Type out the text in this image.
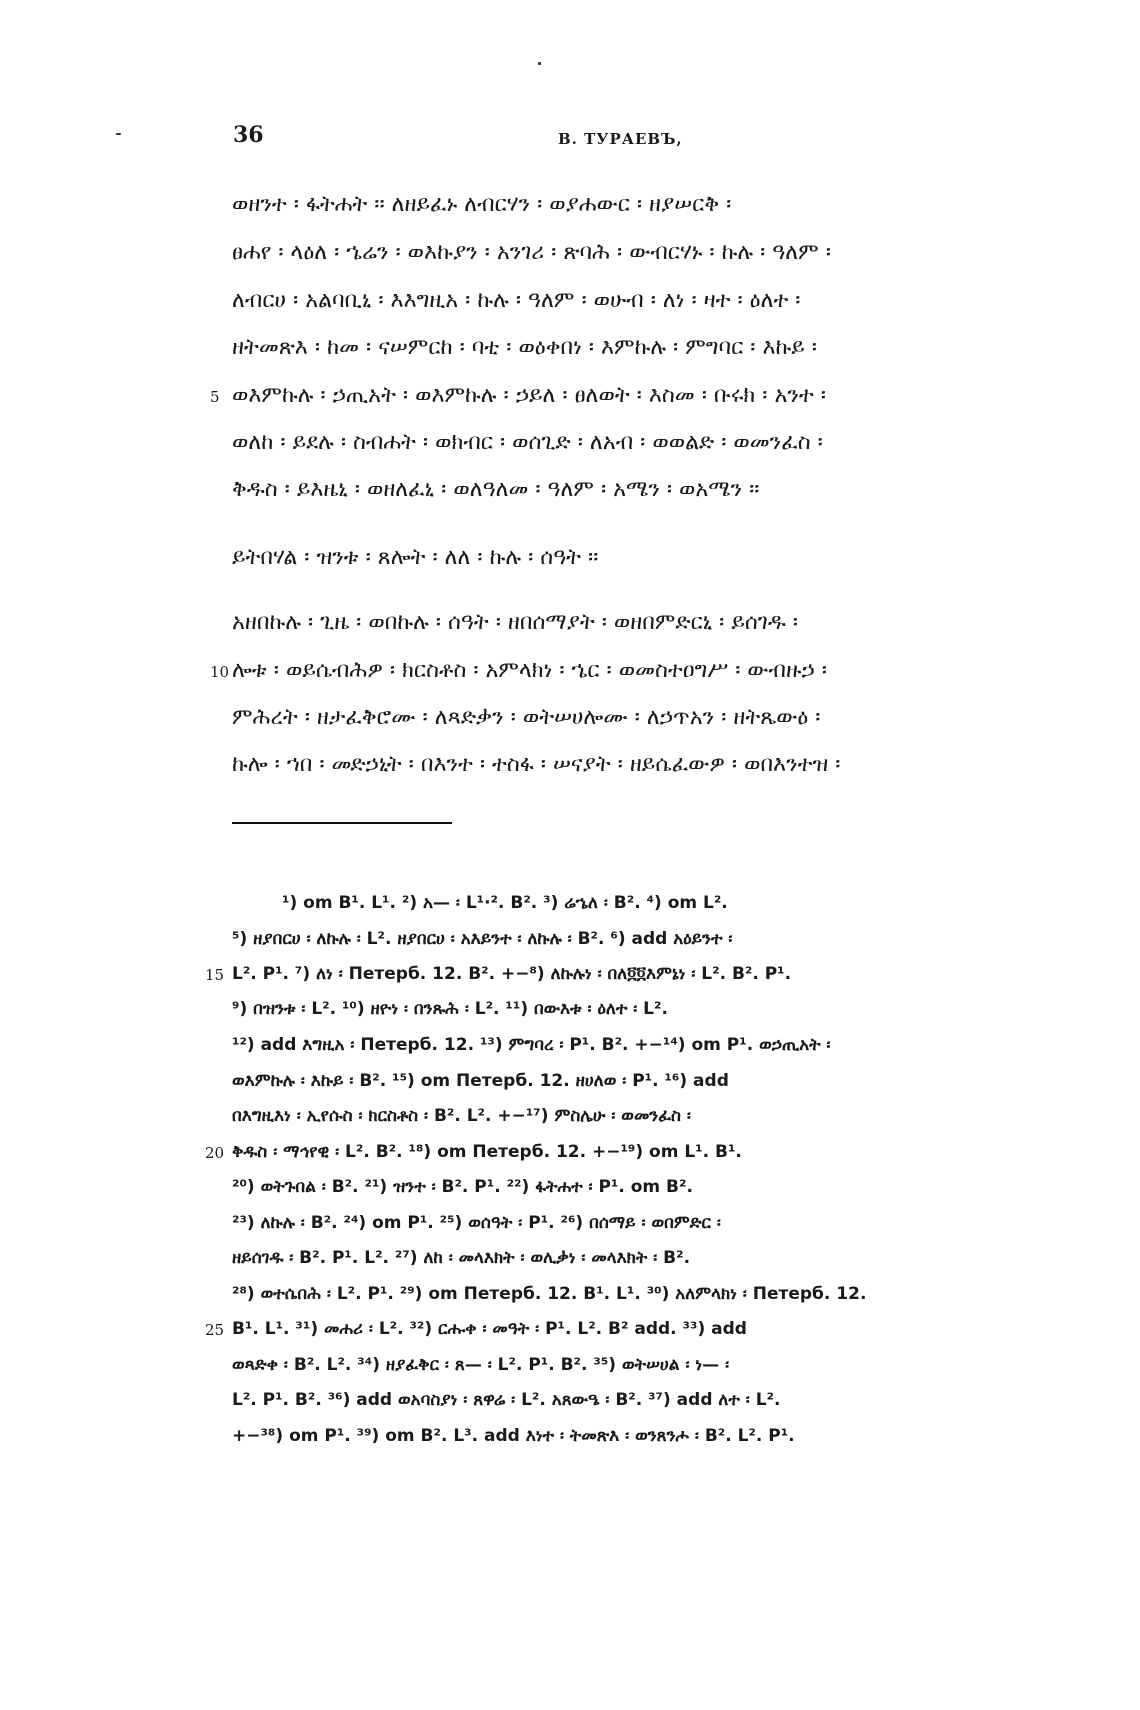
36	В. ТУРАЕВЪ,
ወዘንተ ፡ ፋትሐት ፡፡ ለዘይፈኑ ለብርሃን ፡ ወያሐውር ፡ ዘያሠርቅ ፡
ፀሐየ ፡ ላዕለ ፡ ኄሬን ፡ ወእኩያን ፡ አንገሪ ፡ ጽባሕ ፡ ውብርሃኑ ፡ ኩሉ ፡ ዓለም ፡
ለብርሀ ፡ አልባቢኒ ፡ እእግዚአ ፡ ኩሉ ፡ ዓለም ፡ ወሁብ ፡ ለነ ፡ ዛተ ፡ ዕለተ ፡
ዘትመጽእ ፡ ከመ ፡ ናሠምርከ ፡ ባቲ ፡ ወዕቀበነ ፡ እምኩሉ ፡ ምግባር ፡ እኩይ ፡
5 ወእምኩሉ ፡ ኃጢአት ፡ ወእምኩሉ ፡ ኃይለ ፡ ፀለወት ፡ እስመ ፡ ቡሩክ ፡ አንተ ፡
ወለከ ፡ ይደሉ ፡ ስብሐት ፡ ወክብር ፡ ወሰጊድ ፡ ለአብ ፡ ወወልድ ፡ ወመንፈስ ፡
ቅዱስ ፡ ይእዜኒ ፡ ወዘለፈኒ ፡ ወለዓለመ ፡ ዓለም ፡ አሜን ፡ ወአሜን ፡፡
ይትበሃል ፡ ዝንቱ ፡ ጸሎት ፡ ለለ ፡ ኩሉ ፡ ሰዓት ፡፡
አዘበኩሉ ፡ ጊዜ ፡ ወበኩሉ ፡ ሰዓት ፡ ዘበሰማያት ፡ ወዘበምድርኒ ፡ ይሰገዱ ፡
10 ሎቱ ፡ ወይሴብሕዎ ፡ ክርስቶስ ፡ አምላክነ ፡ ኄር ፡ ወመስተዐግሥ ፡ ውብዙኃ ፡
ምሕረት ፡ ዘታፈቅሮሙ ፡ ለጻድቃን ፡ ወትሠሀሎሙ ፡ ለኃጥአን ፡ ዘትጼውዕ ፡
ኩሎ ፡ ኀበ ፡ መድኃኒት ፡ በእንተ ፡ ተስፋ ፡ ሠናያት ፡ ዘይሴፈውዎ ፡ ወበእንተዝ ፡
¹) om B¹. L¹. ²) አ— ፡ L¹·². B². ³) ሬኄለ ፡ B². ⁴) om L².
⁵) ዘያበርሀ ፡ ለኩሉ ፡ L². ዘያበርሀ ፡ አእይንተ ፡ ለኩሉ ፡ B². ⁶) add አዕይንተ ፡
15 L². P¹. ⁷) ለነ ፡ Петерб. 12. B². +−⁸) ለኩሉነ ፡ በለ፬፬እምኔነ ፡ L². B². P¹.
⁹) በዝንቱ ፡ L². ¹⁰) ዘዮነ ፡ በንጹሕ ፡ L². ¹¹) በውእቱ ፡ ዕለተ ፡ L².
¹²) add እግዚአ ፡ Петерб. 12. ¹³) ምግባረ ፡ P¹. B². +−¹⁴) om P¹. ወኃጢአት ፡
ወእምኩሉ ፡ እኩይ ፡ B². ¹⁵) om Петерб. 12. ዘሀለወ ፡ P¹. ¹⁶) add
በእግዚእነ ፡ ኢየሱስ ፡ ክርስቶስ ፡ B². L². +−¹⁷) ምስሌሁ ፡ ወመንፈስ ፡
20 ቅዱስ ፡ ማኅየዊ ፡ L². B². ¹⁸) om Петерб. 12. +−¹⁹) om L¹. B¹.
²⁰) ወትጉበል ፡ B². ²¹) ዝንተ ፡ B². P¹. ²²) ፋትሐተ ፡ P¹. om B².
²³) ለኩሉ ፡ B². ²⁴) om P¹. ²⁵) ወሰዓት ፡ P¹. ²⁶) በሰማይ ፡ ወበምድር ፡
ዘይሰገዱ ፡ B². P¹. L². ²⁷) ለከ ፡ መላእክት ፡ ወሊቃነ ፡ መላእክት ፡ B².
²⁸) ወተሴበሕ ፡ L². P¹. ²⁹) om Петерб. 12. B¹. L¹. ³⁰) አለምላክነ ፡ Петерб. 12.
25 B¹. L¹. ³¹) መሐሪ ፡ L². ³²) ርሑቀ ፡ መዓት ፡ P¹. L². B² add. ³³) add
ወጻድቀ ፡ B². L². ³⁴) ዘያፈቅር ፡ ጸ— ፡ L². P¹. B². ³⁵) ወትሠሀል ፡ ነ— ፡
L². P¹. B². ³⁶) add ወአባስያነ ፡ ጸዋሬ ፡ L². አጸውዔ ፡ B². ³⁷) add ለተ ፡ L².
+−³⁸) om P¹. ³⁹) om B². L³. add እነተ ፡ ትመጽእ ፡ ወንጸንሖ ፡ B². L². P¹.
